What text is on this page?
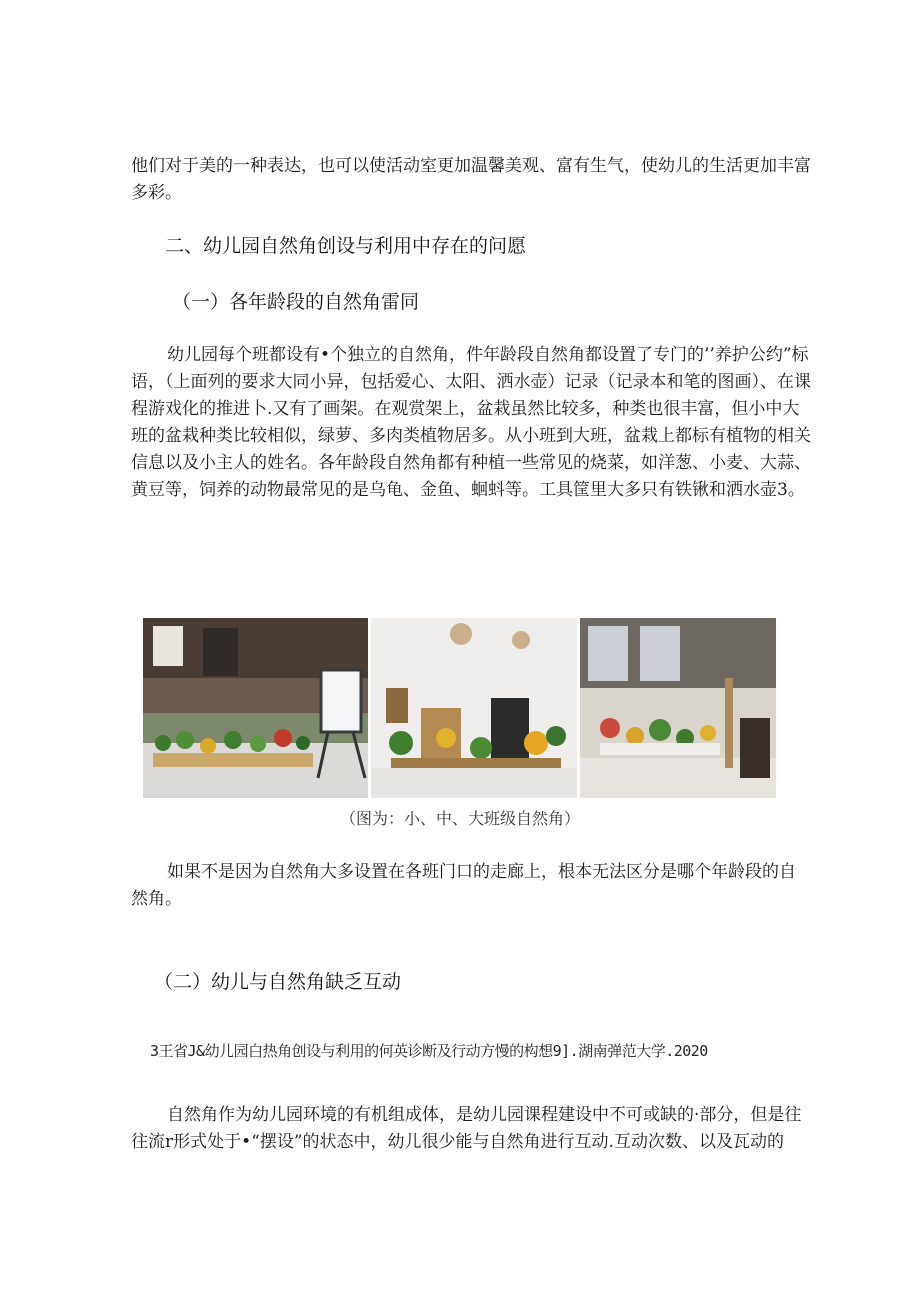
他们对于美的一种表达，也可以使活动室更加温馨美观、富有生气，使幼儿的生活更加丰富多彩。

二、幼儿园自然角创设与利用中存在的问愿
（一）各年龄段的自然角雷同

幼儿园每个班都设有•个独立的自然角，件年龄段自然角都设置了专门的’’养护公约”标语，（上面列的要求大同小异，包括爱心、太阳、洒水壶）记录（记录本和笔的图画）、在课程游戏化的推进卜.又有了画架。在观赏架上，盆栽虽然比较多，种类也很丰富，但小中大班的盆栽种类比较相似，绿萝、多肉类植物居多。从小班到大班，盆栽上都标有植物的相关信息以及小主人的姓名。各年龄段自然角都有种植一些常见的烧菜，如洋葱、小麦、大蒜、黄豆等，饲养的动物最常见的是乌龟、金鱼、蛔蚪等。工具筐里大多只有铁锹和洒水壶3。

（图为：小、中、大班级自然角）

如果不是因为自然角大多设置在各班门口的走廊上，根本无法区分是哪个年龄段的自然角。

（二）幼儿与自然角缺乏互动

3王省J&幼儿园白热角创设与利用的何英诊断及行动方慢的构想9].湖南弹范大学.2020

自然角作为幼儿园环境的有机组成体，是幼儿园课程建设中不可或缺的·部分，但是往往流r形式处于•“摆设”的状态中，幼儿很少能与自然角进行互动.互动次数、以及瓦动的
